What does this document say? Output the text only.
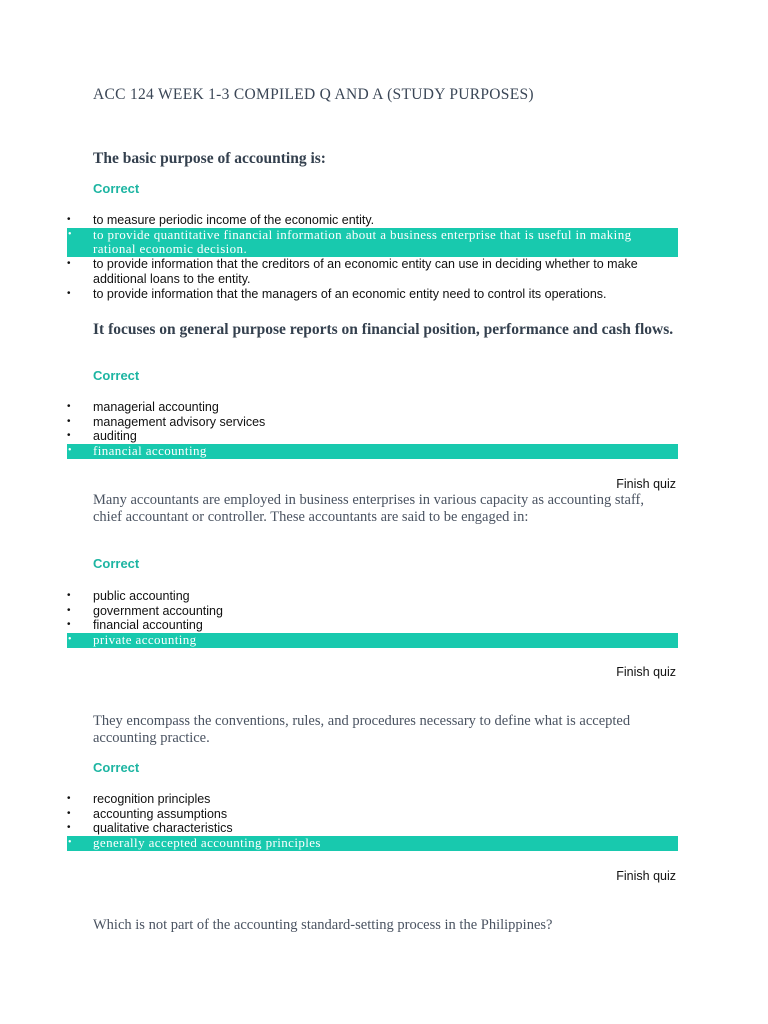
ACC 124 WEEK 1-3 COMPILED Q AND A (STUDY PURPOSES)
The basic purpose of accounting is:
Correct
• to measure periodic income of the economic entity.
• to provide quantitative financial information about a business enterprise that is useful in making rational economic decision.
• to provide information that the creditors of an economic entity can use in deciding whether to make additional loans to the entity.
• to provide information that the managers of an economic entity need to control its operations.
It focuses on general purpose reports on financial position, performance and cash flows.
Correct
• managerial accounting
• management advisory services
• auditing
• financial accounting
Finish quiz
Many accountants are employed in business enterprises in various capacity as accounting staff, chief accountant or controller. These accountants are said to be engaged in:
Correct
• public accounting
• government accounting
• financial accounting
• private accounting
Finish quiz
They encompass the conventions, rules, and procedures necessary to define what is accepted accounting practice.
Correct
• recognition principles
• accounting assumptions
• qualitative characteristics
• generally accepted accounting principles
Finish quiz
Which is not part of the accounting standard-setting process in the Philippines?
